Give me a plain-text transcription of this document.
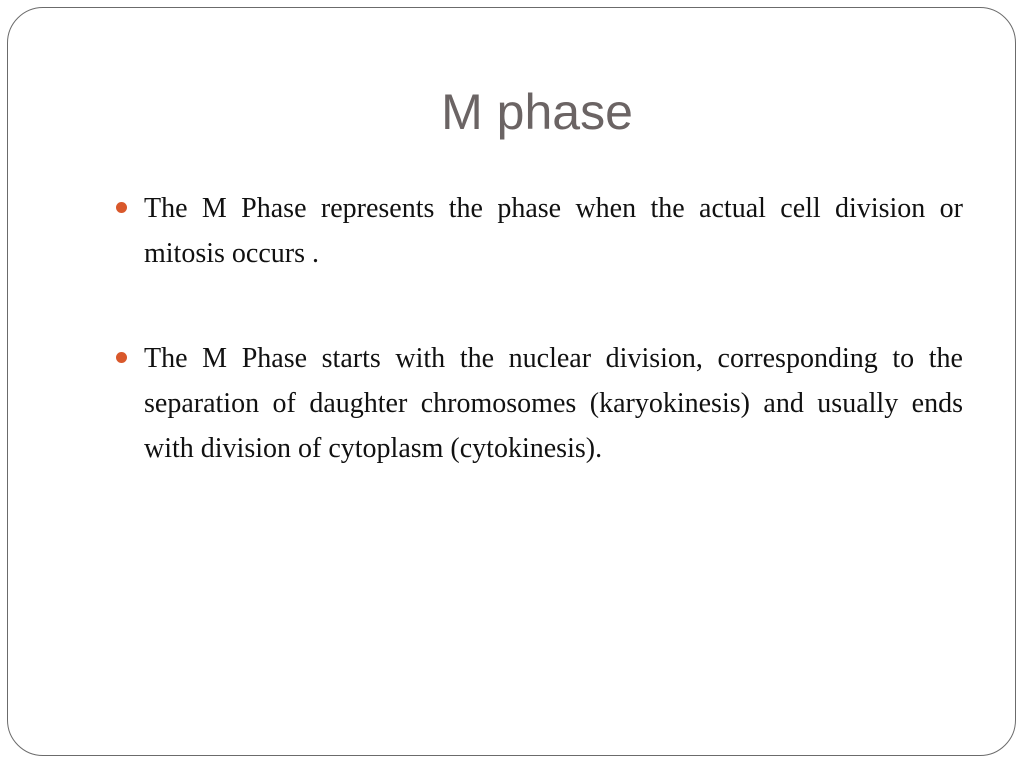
M phase
The M Phase represents the phase when the actual cell division or mitosis occurs .
The M Phase starts with the nuclear division, corresponding to the separation of daughter chromosomes (karyokinesis) and usually ends with division of cytoplasm (cytokinesis).
